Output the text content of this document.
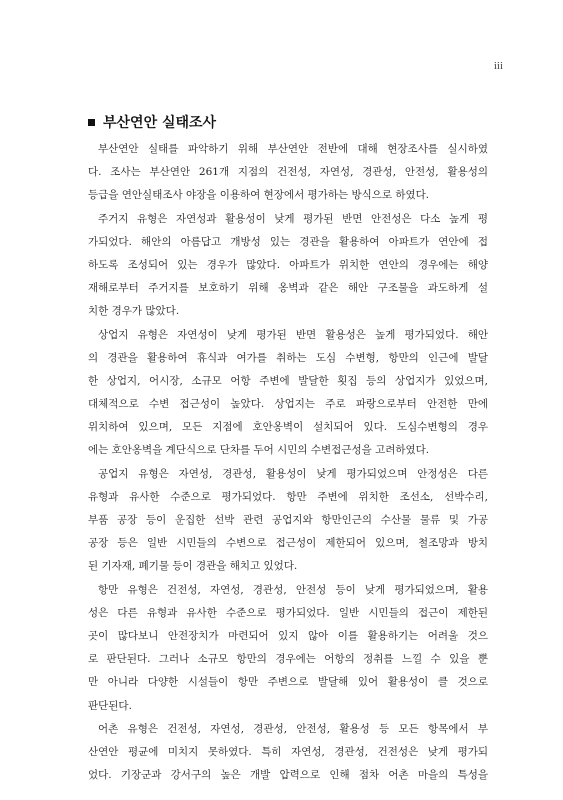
iii
부산연안 실태조사
부산연안 실태를 파악하기 위해 부산연안 전반에 대해 현장조사를 실시하였
다. 조사는 부산연안 261개 지점의 건전성, 자연성, 경관성, 안전성, 활용성의
등급을 연안실태조사 야장을 이용하여 현장에서 평가하는 방식으로 하였다.
주거지 유형은 자연성과 활용성이 낮게 평가된 반면 안전성은 다소 높게 평
가되었다. 해안의 아름답고 개방성 있는 경관을 활용하여 아파트가 연안에 접
하도록 조성되어 있는 경우가 많았다. 아파트가 위치한 연안의 경우에는 해양
재해로부터 주거지를 보호하기 위해 옹벽과 같은 해안 구조물을 과도하게 설
치한 경우가 많았다.
상업지 유형은 자연성이 낮게 평가된 반면 활용성은 높게 평가되었다. 해안
의 경관을 활용하여 휴식과 여가를 취하는 도심 수변형, 항만의 인근에 발달
한 상업지, 어시장, 소규모 어항 주변에 발달한 횟집 등의 상업지가 있었으며,
대체적으로 수변 접근성이 높았다. 상업지는 주로 파랑으로부터 안전한 만에
위치하여 있으며, 모든 지점에 호안옹벽이 설치되어 있다. 도심수변형의 경우
에는 호안옹벽을 계단식으로 단차를 두어 시민의 수변접근성을 고려하였다.
공업지 유형은 자연성, 경관성, 활용성이 낮게 평가되었으며 안정성은 다른
유형과 유사한 수준으로 평가되었다. 항만 주변에 위치한 조선소, 선박수리,
부품 공장 등이 운집한 선박 관련 공업지와 항만인근의 수산물 물류 및 가공
공장 등은 일반 시민들의 수변으로 접근성이 제한되어 있으며, 철조망과 방치
된 기자재, 폐기물 등이 경관을 해치고 있었다.
항만 유형은 건전성, 자연성, 경관성, 안전성 등이 낮게 평가되었으며, 활용
성은 다른 유형과 유사한 수준으로 평가되었다. 일반 시민들의 접근이 제한된
곳이 많다보니 안전장치가 마련되어 있지 않아 이를 활용하기는 어려울 것으
로 판단된다. 그러나 소규모 항만의 경우에는 어항의 정취를 느낄 수 있을 뿐
만 아니라 다양한 시설들이 항만 주변으로 발달해 있어 활용성이 클 것으로
판단된다.
어촌 유형은 건전성, 자연성, 경관성, 안전성, 활용성 등 모든 항목에서 부
산연안 평균에 미치지 못하였다. 특히 자연성, 경관성, 건전성은 낮게 평가되
었다. 기장군과 강서구의 높은 개발 압력으로 인해 점차 어촌 마을의 특성을
